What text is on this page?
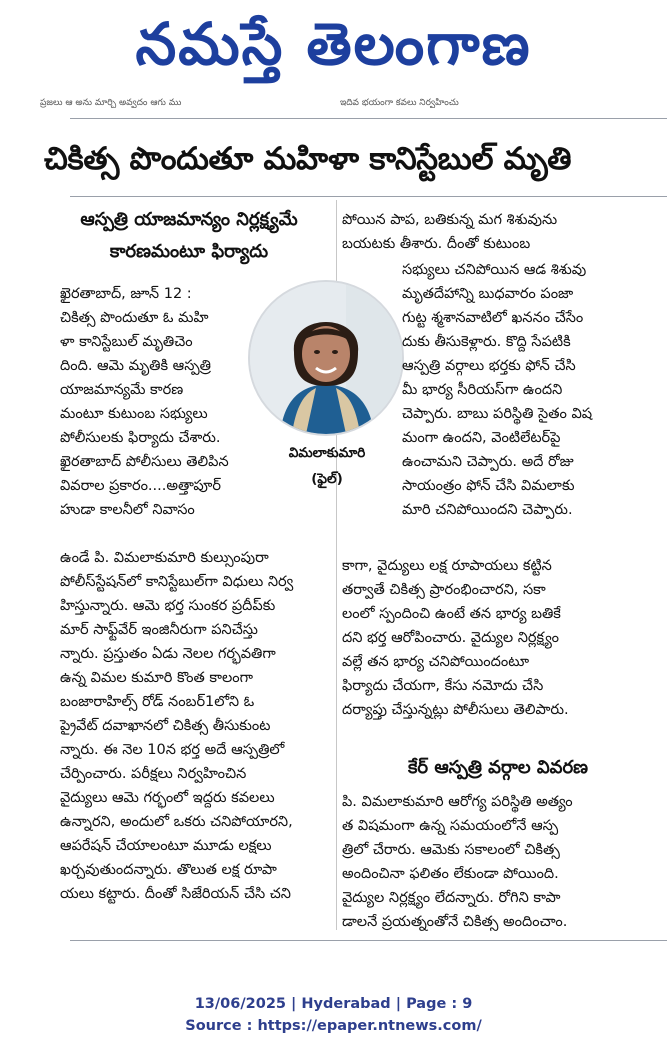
నమస్తే తెలంగాణ
ప్రజలు ఆ అను మార్చి అవ్వదం ఆగు ము	ఇదివ భయంగా కవలు నిర్వహించు
చికిత్స పొందుతూ మహిళా కానిస్టేబుల్ మృతి
ఆస్పత్రి యాజమాన్యం నిర్లక్ష్యమే
కారణమంటూ ఫిర్యాదు

ఖైరతాబాద్, జూన్ 12 :

చికిత్స పొందుతూ ఓ మహి

ళా కానిస్టేబుల్ మృతిచెం

దింది. ఆమె మృతికి ఆస్పత్రి

యాజమాన్యమే కారణ

మంటూ కుటుంబ సభ్యులు

పోలీసులకు ఫిర్యాదు చేశారు.

ఖైరతాబాద్ పోలీసులు తెలిపిన

వివరాల ప్రకారం....అత్తాపూర్

హుడా కాలనీలో నివాసం

ఉండే పి. విమలాకుమారి కుల్సుంపురా

పోలీస్‌స్టేషన్‌లో కానిస్టేబుల్‌గా విధులు నిర్వ

హిస్తున్నారు. ఆమె భర్త సుంకర ప్రదీప్‌కు

మార్ సాఫ్ట్‌వేర్ ఇంజినీరుగా పనిచేస్తు

న్నారు. ప్రస్తుతం ఏడు నెలల గర్భవతిగా

ఉన్న విమల కుమారి కొంత కాలంగా

బంజారాహిల్స్ రోడ్ నంబర్1లోని ఓ

ప్రైవేట్ దవాఖానలో చికిత్స తీసుకుంట

న్నారు. ఈ నెల 10న భర్త అదే ఆస్పత్రిలో

చేర్పించారు. పరీక్షలు నిర్వహించిన

వైద్యులు ఆమె గర్భంలో ఇద్దరు కవలలు

ఉన్నారని, అందులో ఒకరు చనిపోయారని,

ఆపరేషన్ చేయాలంటూ మూడు లక్షలు

ఖర్చవుతుందన్నారు. తొలుత లక్ష రూపా

యలు కట్టారు. దీంతో సిజేరియన్ చేసి చని

విమలాకుమారి
(ఫైల్)

పోయిన పాప, బతికున్న మగ శిశువును

బయటకు తీశారు. దీంతో కుటుంబ

సభ్యులు చనిపోయిన ఆడ శిశువు

మృతదేహాన్ని బుధవారం పంజా

గుట్ట శ్మశానవాటిలో ఖననం చేసేం

దుకు తీసుకెళ్లారు. కొద్ది సేపటికి

ఆస్పత్రి వర్గాలు భర్తకు ఫోన్ చేసి

మీ భార్య సీరియస్‌గా ఉందని

చెప్పారు. బాబు పరిస్థితి సైతం విష

మంగా ఉందని, వెంటిలేటర్‌పై

ఉంచామని చెప్పారు. అదే రోజు

సాయంత్రం ఫోన్ చేసి విమలాకు

మారి చనిపోయిందని చెప్పారు.

కాగా, వైద్యులు లక్ష రూపాయలు కట్టిన

తర్వాతే చికిత్స ప్రారంభించారని, సకా

లంలో స్పందించి ఉంటే తన భార్య బతికే

దని భర్త ఆరోపించారు. వైద్యుల నిర్లక్ష్యం

వల్లే తన భార్య చనిపోయిందంటూ

ఫిర్యాదు చేయగా, కేసు నమోదు చేసి

దర్యాప్తు చేస్తున్నట్లు పోలీసులు తెలిపారు.

కేర్ ఆస్పత్రి వర్గాల వివరణ

పి. విమలాకుమారి ఆరోగ్య పరిస్థితి అత్యం

త విషమంగా ఉన్న సమయంలోనే ఆస్ప

త్రిలో చేరారు. ఆమెకు సకాలంలో చికిత్స

అందించినా ఫలితం లేకుండా పోయింది.

వైద్యుల నిర్లక్ష్యం లేదన్నారు. రోగిని కాపా

డాలనే ప్రయత్నంతోనే చికిత్స అందించాం.

13/06/2025 | Hyderabad | Page : 9
Source : https://epaper.ntnews.com/
